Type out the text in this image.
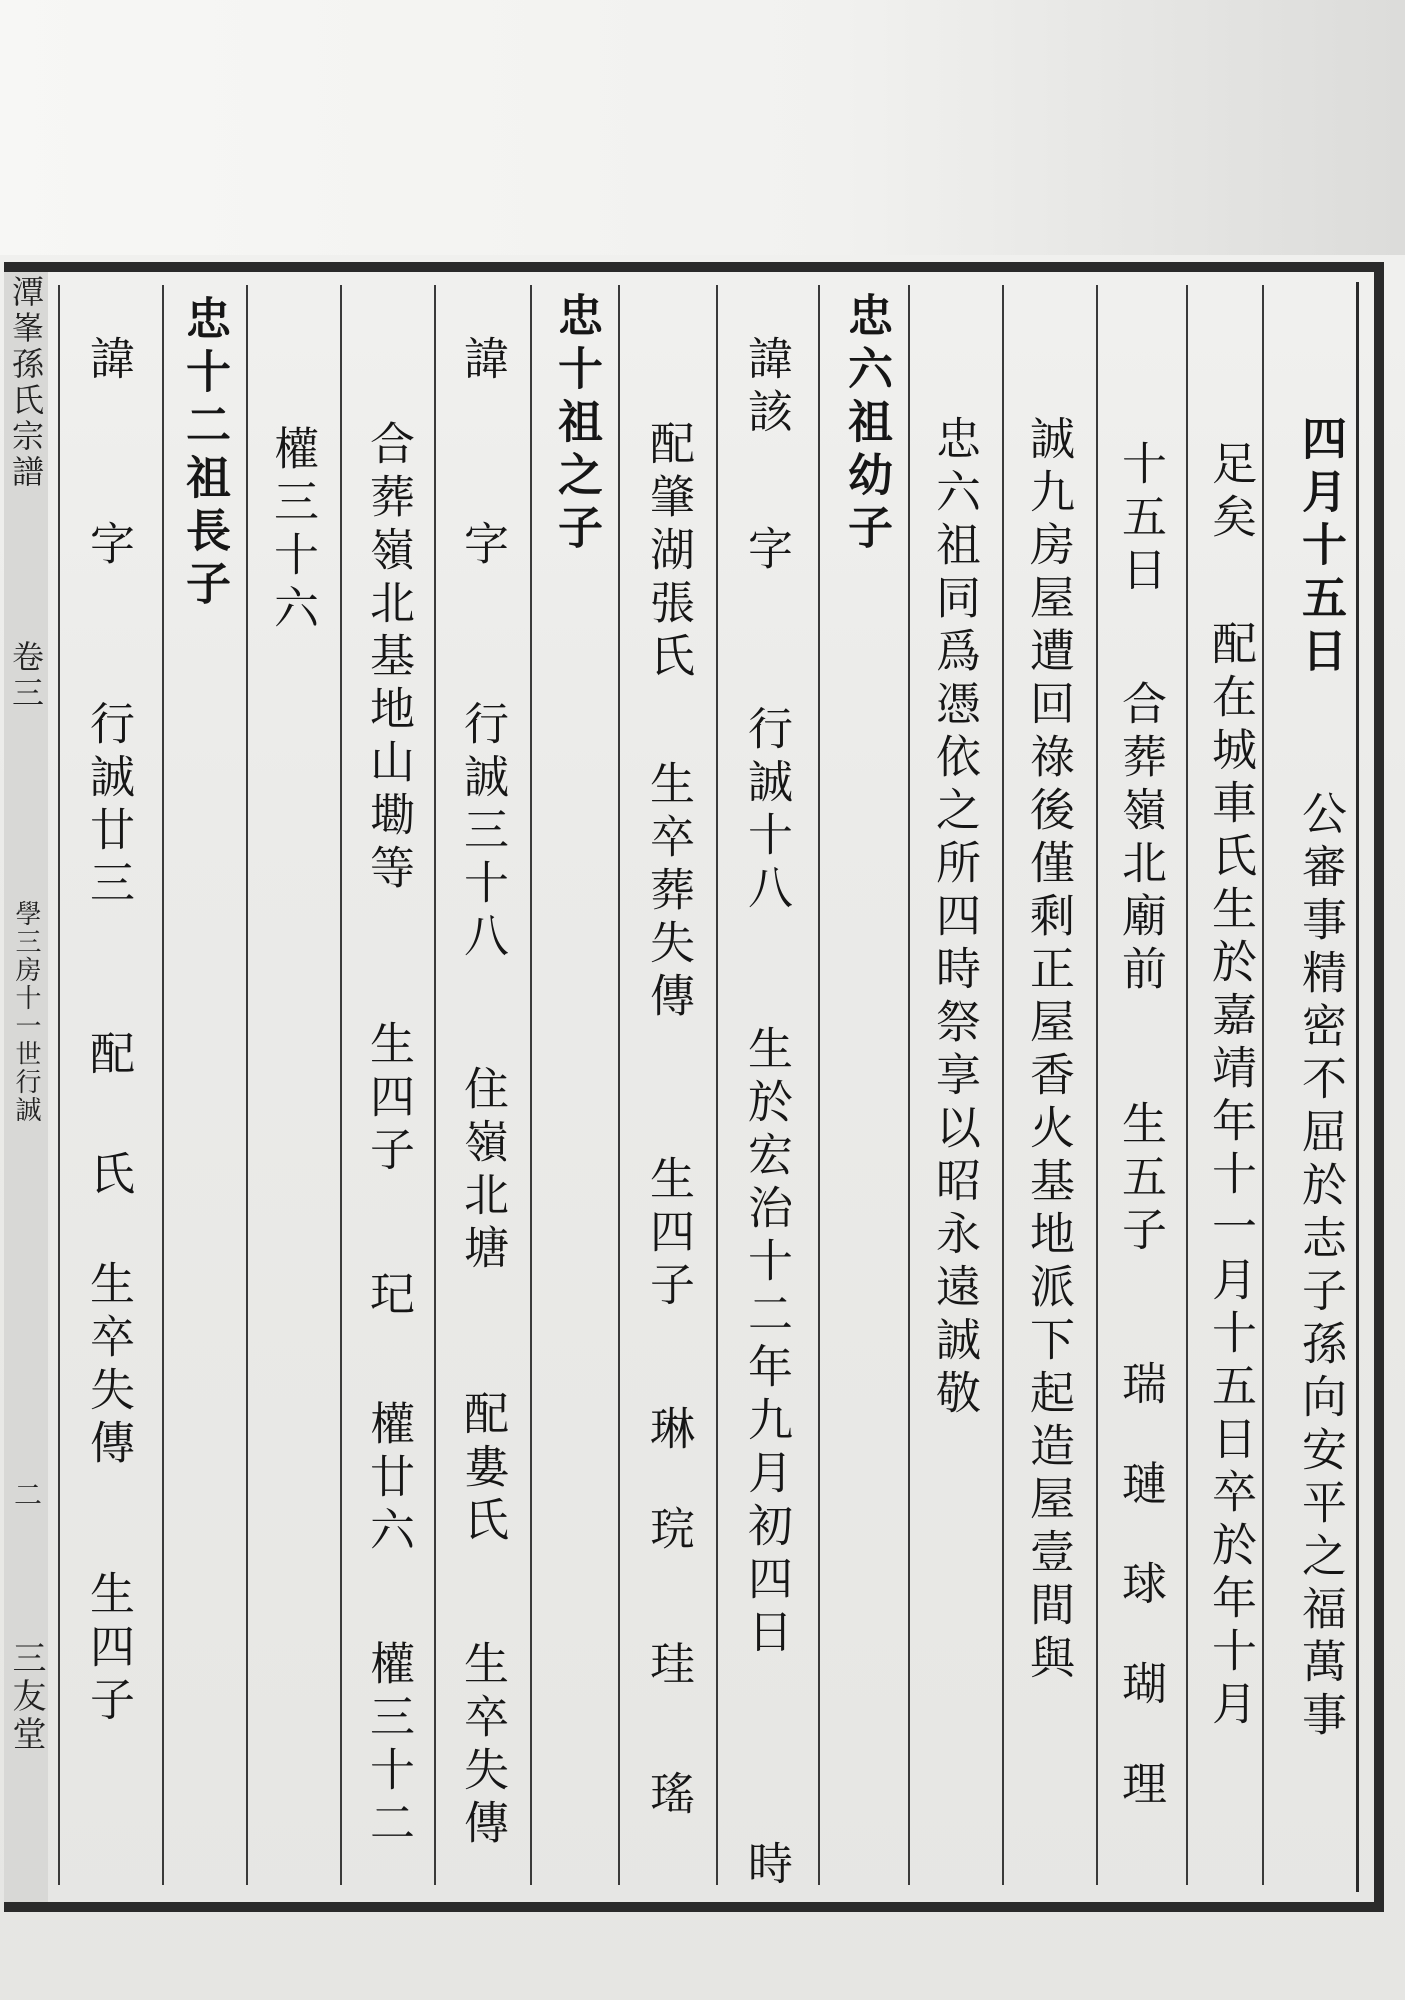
潭峯孫氏宗譜
卷三
學三房十一世行誠
二
三友堂
四月十五日
公審事精密不屈於志子孫向安平之福萬事
足矣
配在城車氏生於嘉靖年十一月十五日卒於年十月
十五日
合葬嶺北廟前
生五子
瑞
璉
球
瑚
理
誠九房屋遭回祿後僅剩正屋香火基地派下起造屋壹間與
忠六祖同爲憑依之所四時祭享以昭永遠誠敬
忠六祖幼子
諱該
字
行誠十八
生於宏治十二年九月初四日
時
配肇湖張氏
生卒葬失傳
生四子
琳
琓
珪
瑤
忠十祖之子
諱
字
行誠三十八
住嶺北塘
配婁氏
生卒失傳
合葬嶺北基地山墈等
生四子
玘
權廿六
權三十二
權三十六
忠十二祖長子
諱
字
行誠廿三
配
氏
生卒失傳
生四子
